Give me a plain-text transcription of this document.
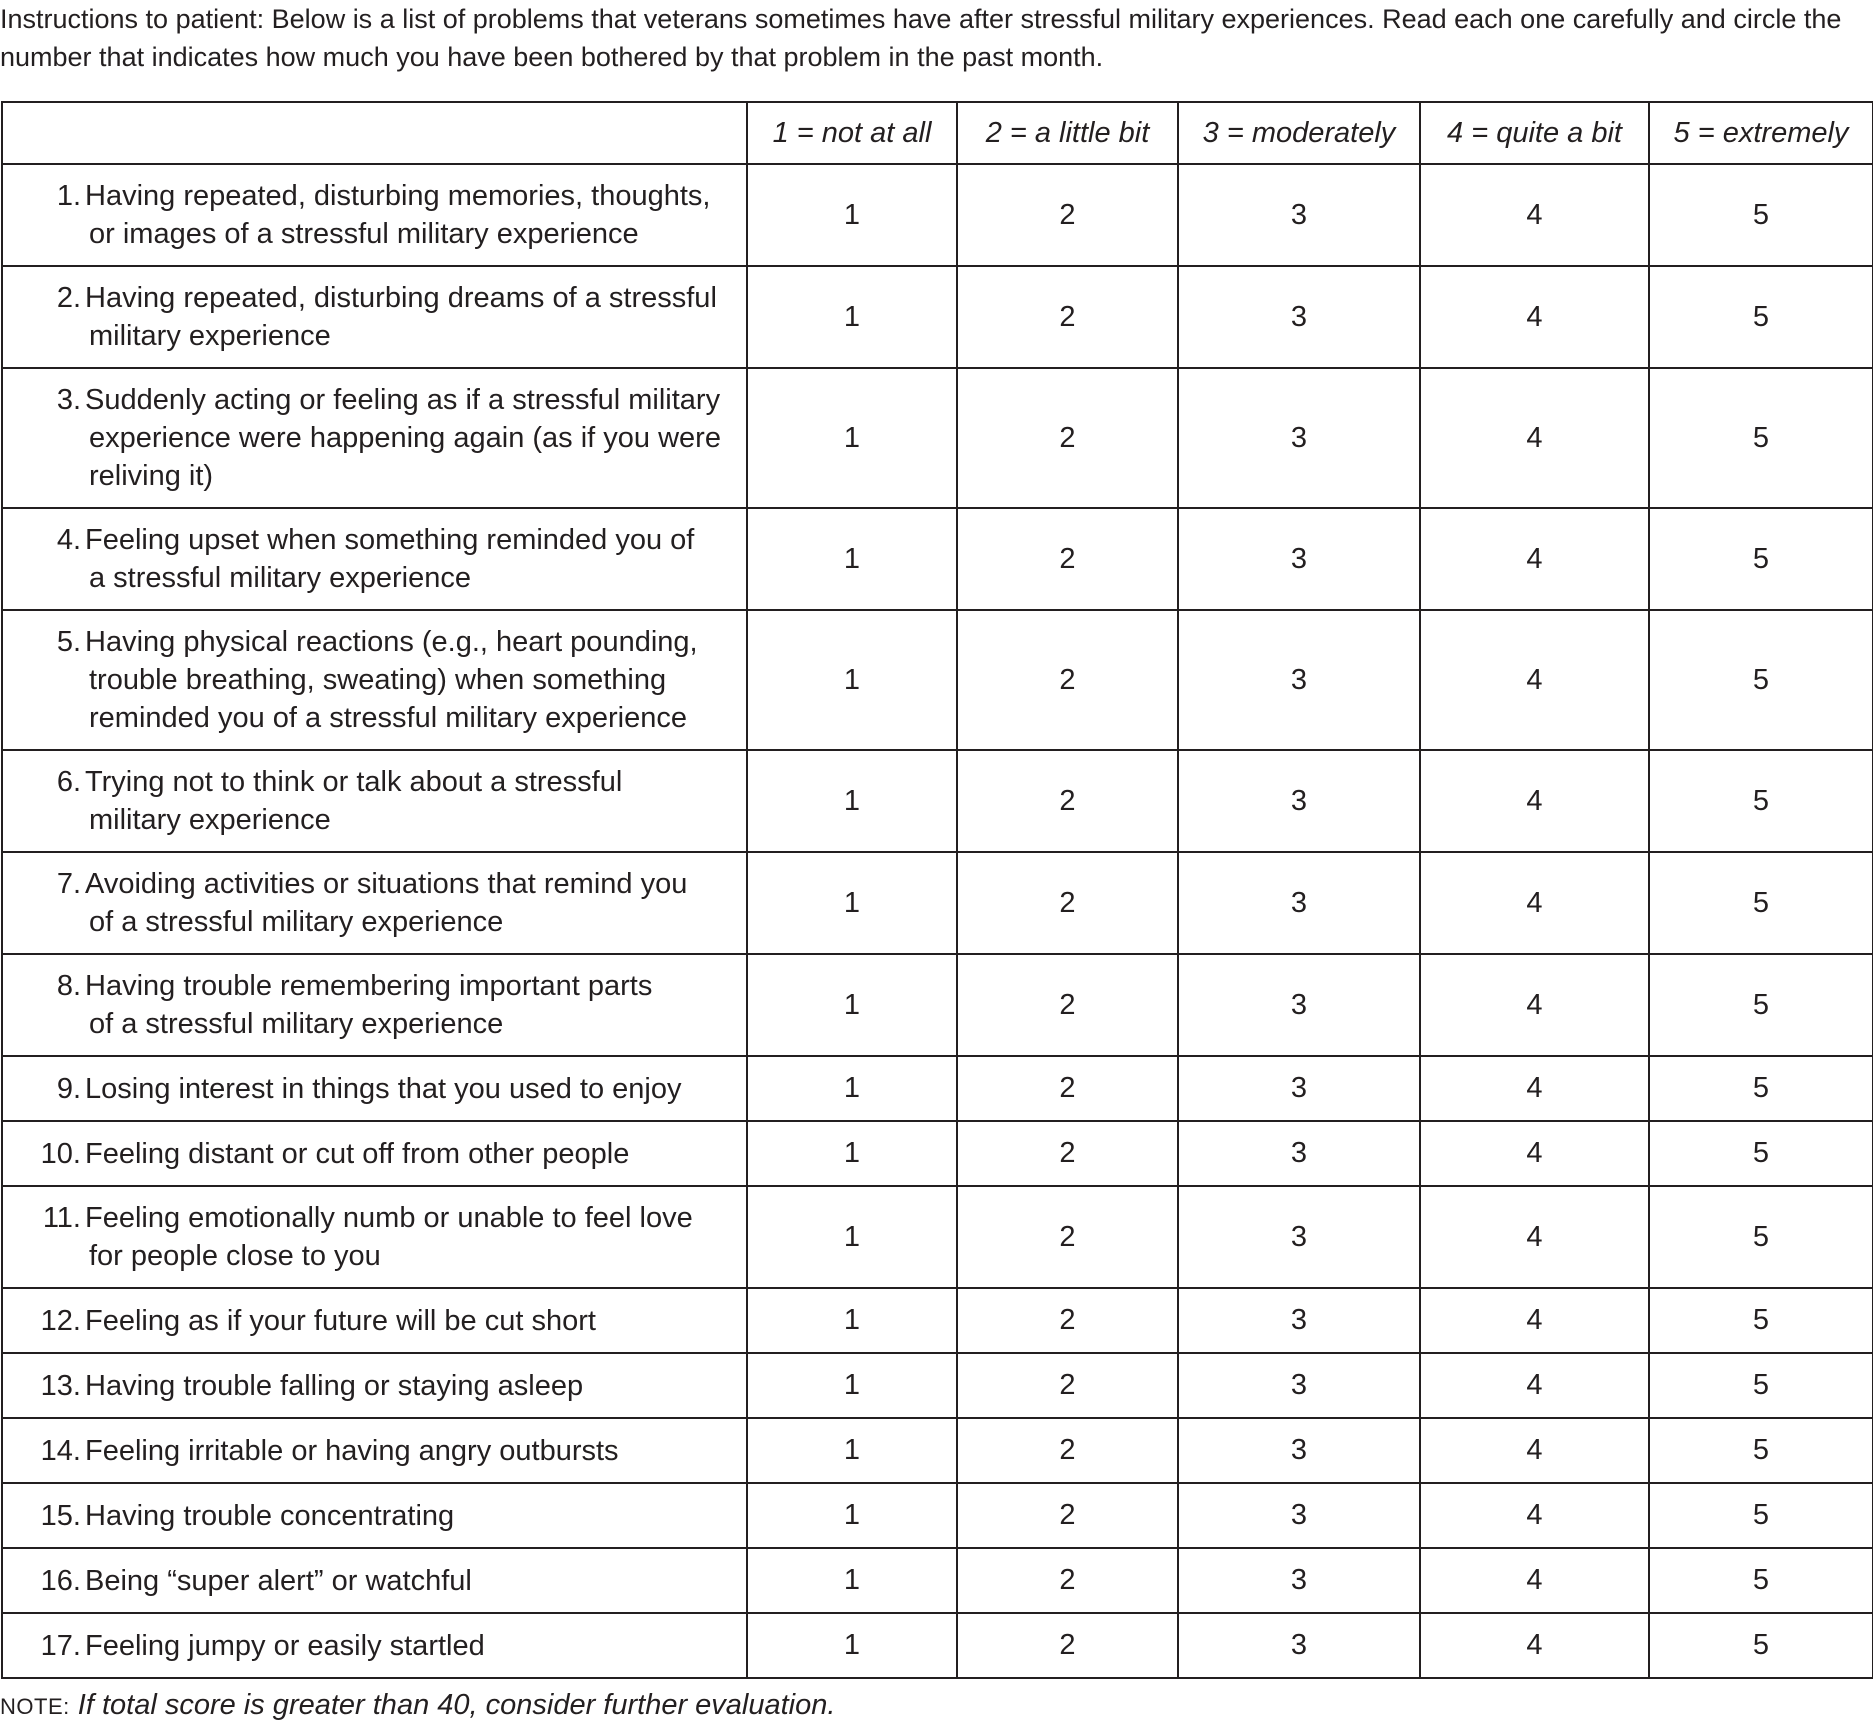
Instructions to patient: Below is a list of problems that veterans sometimes have after stressful military experiences. Read each one carefully and circle the number that indicates how much you have been bothered by that problem in the past month.

	1 = not at all	2 = a little bit	3 = moderately	4 = quite a bit	5 = extremely

1. Having repeated, disturbing memories, thoughts,
or images of a stressful military experience	1	2	3	4	5

2. Having repeated, disturbing dreams of a stressful
military experience	1	2	3	4	5

3. Suddenly acting or feeling as if a stressful military
experience were happening again (as if you were
reliving it)	1	2	3	4	5

4. Feeling upset when something reminded you of
a stressful military experience	1	2	3	4	5

5. Having physical reactions (e.g., heart pounding,
trouble breathing, sweating) when something
reminded you of a stressful military experience	1	2	3	4	5

6. Trying not to think or talk about a stressful
military experience	1	2	3	4	5

7. Avoiding activities or situations that remind you
of a stressful military experience	1	2	3	4	5

8. Having trouble remembering important parts
of a stressful military experience	1	2	3	4	5

9. Losing interest in things that you used to enjoy	1	2	3	4	5

10. Feeling distant or cut off from other people	1	2	3	4	5

11. Feeling emotionally numb or unable to feel love
for people close to you	1	2	3	4	5

12. Feeling as if your future will be cut short	1	2	3	4	5

13. Having trouble falling or staying asleep	1	2	3	4	5

14. Feeling irritable or having angry outbursts	1	2	3	4	5

15. Having trouble concentrating	1	2	3	4	5

16. Being “super alert” or watchful	1	2	3	4	5

17. Feeling jumpy or easily startled	1	2	3	4	5
NOTE: If total score is greater than 40, consider further evaluation.
